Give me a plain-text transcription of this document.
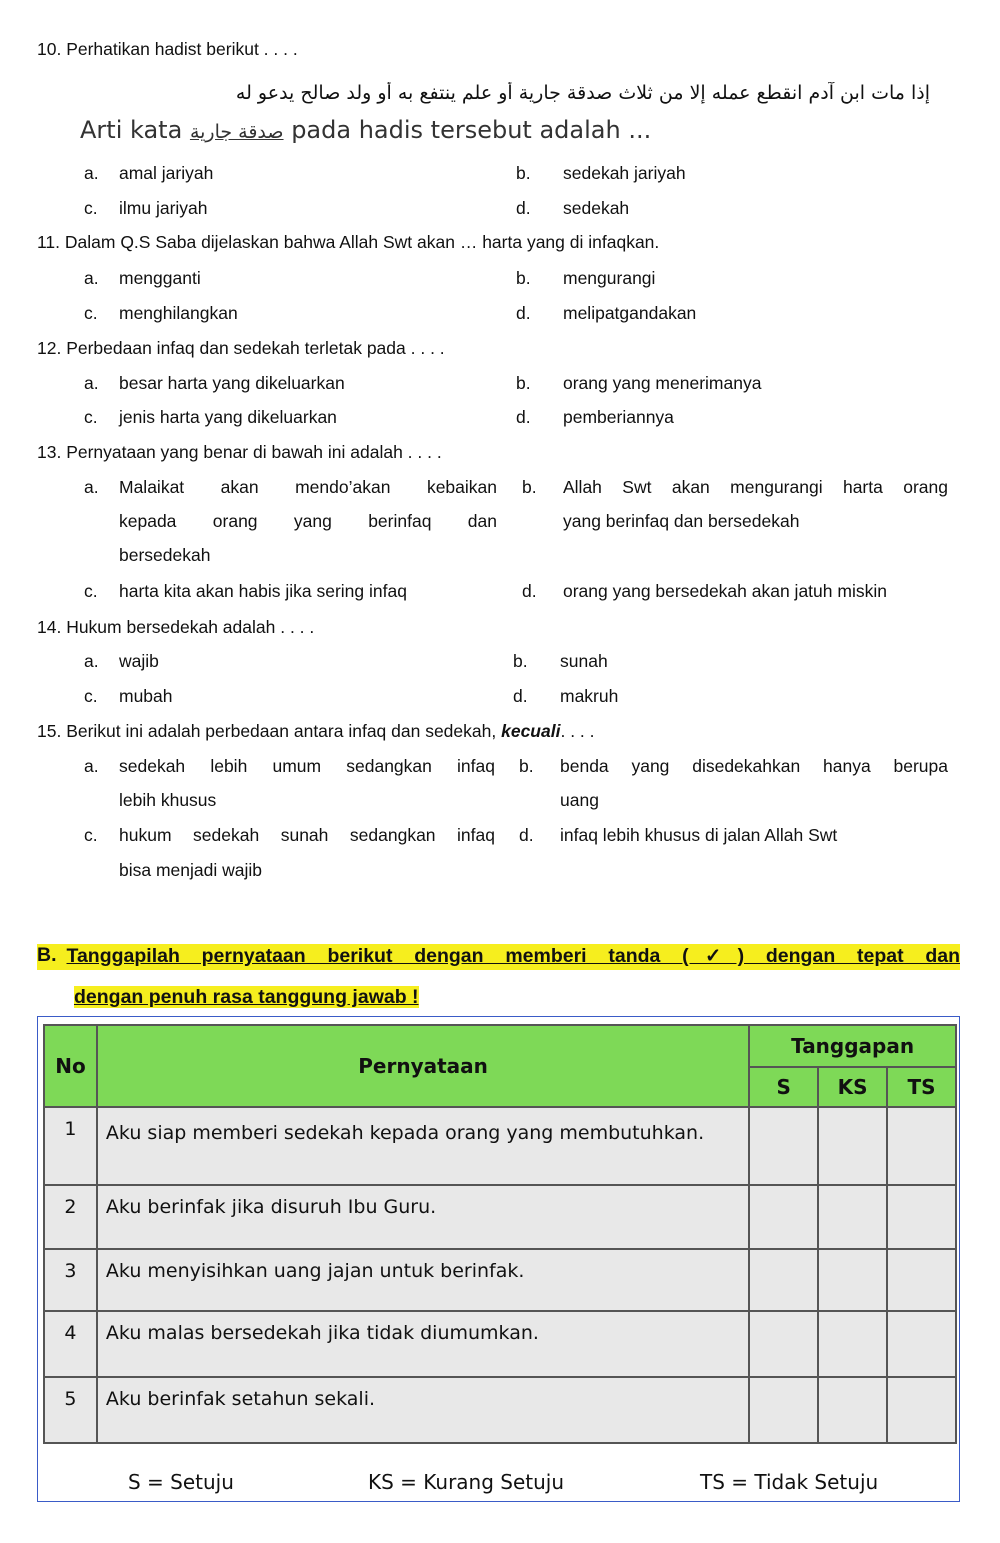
10. Perhatikan hadist berikut . . . .
إذا مات ابن آدم انقطع عمله إلا من ثلاث صدقة جارية أو علم ينتفع به أو ولد صالح يدعو له
Arti kata صدقة جارية pada hadis tersebut adalah ...
a. amal jariyah	b. sedekah jariyah
c. ilmu jariyah	d. sedekah
11. Dalam Q.S Saba dijelaskan bahwa Allah Swt akan … harta yang di infaqkan.
a. mengganti	b. mengurangi
c. menghilangkan	d. melipatgandakan
12. Perbedaan infaq dan sedekah terletak pada . . . .
a. besar harta yang dikeluarkan	b. orang yang menerimanya
c. jenis harta yang dikeluarkan	d. pemberiannya
13. Pernyataan yang benar di bawah ini adalah . . . .
a. Malaikat akan mendo’akan kebaikan
kepada orang yang berinfaq dan
bersedekah
b. Allah Swt akan mengurangi harta orang
yang berinfaq dan bersedekah
c. harta kita akan habis jika sering infaq	d. orang yang bersedekah akan jatuh miskin
14. Hukum bersedekah adalah . . . .
a. wajib	b. sunah
c. mubah	d. makruh
15. Berikut ini adalah perbedaan antara infaq dan sedekah, kecuali. . . .
a. sedekah lebih umum sedangkan infaq
lebih khusus
b. benda yang disedekahkan hanya berupa
uang
c. hukum sedekah sunah sedangkan infaq
bisa menjadi wajib
d. infaq lebih khusus di jalan Allah Swt
B. Tanggapilah pernyataan berikut dengan memberi tanda (✓) dengan tepat dan
dengan penuh rasa tanggung jawab !
No	Pernyataan	Tanggapan		
		S	KS	TS
1	Aku siap memberi sedekah kepada orang yang membutuhkan.			
2	Aku berinfak jika disuruh Ibu Guru.			
3	Aku menyisihkan uang jajan untuk berinfak.			
4	Aku malas bersedekah jika tidak diumumkan.			
5	Aku berinfak setahun sekali.			
S = Setuju	KS = Kurang Setuju	TS = Tidak Setuju
